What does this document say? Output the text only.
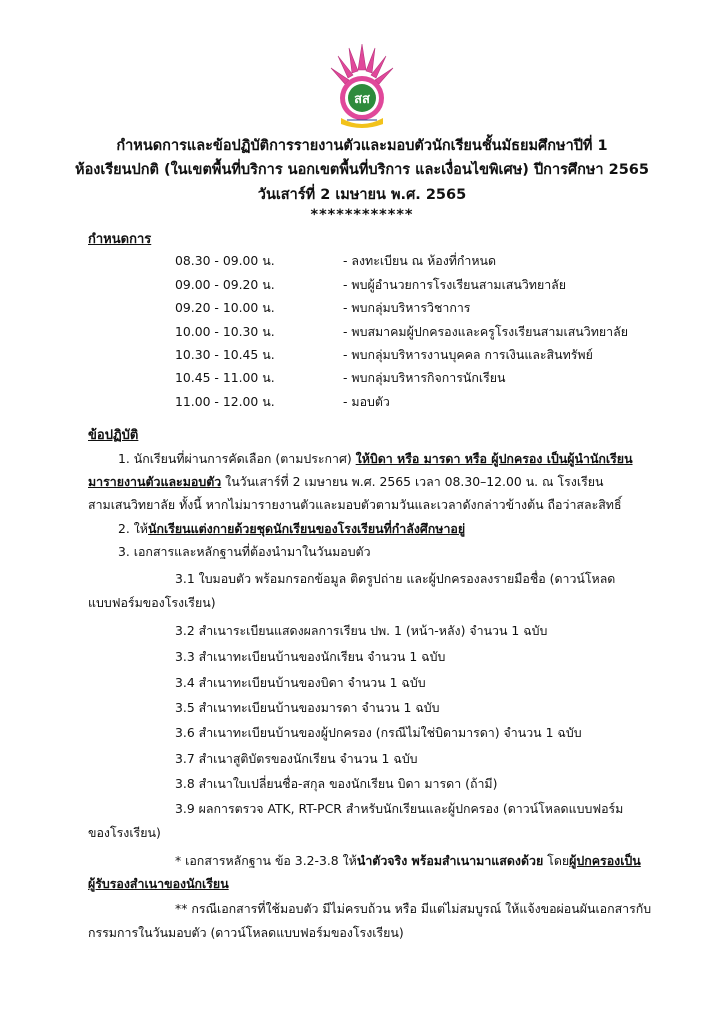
สส
กำหนดการและข้อปฏิบัติการรายงานตัวและมอบตัวนักเรียนชั้นมัธยมศึกษาปีที่ 1
ห้องเรียนปกติ (ในเขตพื้นที่บริการ นอกเขตพื้นที่บริการ และเงื่อนไขพิเศษ) ปีการศึกษา 2565
วันเสาร์ที่ 2 เมษายน พ.ศ. 2565
************
กำหนดการ
08.30 - 09.00 น.	- ลงทะเบียน ณ ห้องที่กำหนด
09.00 - 09.20 น.	- พบผู้อำนวยการโรงเรียนสามเสนวิทยาลัย
09.20 - 10.00 น.	- พบกลุ่มบริหารวิชาการ
10.00 - 10.30 น.	- พบสมาคมผู้ปกครองและครูโรงเรียนสามเสนวิทยาลัย
10.30 - 10.45 น.	- พบกลุ่มบริหารงานบุคคล การเงินและสินทรัพย์
10.45 - 11.00 น.	- พบกลุ่มบริหารกิจการนักเรียน
11.00 - 12.00 น.	- มอบตัว
ข้อปฏิบัติ
1. นักเรียนที่ผ่านการคัดเลือก (ตามประกาศ) ให้บิดา หรือ มารดา หรือ ผู้ปกครอง เป็นผู้นำนักเรียน
มารายงานตัวและมอบตัว ในวันเสาร์ที่ 2 เมษายน พ.ศ. 2565 เวลา 08.30–12.00 น. ณ โรงเรียน
สามเสนวิทยาลัย ทั้งนี้ หากไม่มารายงานตัวและมอบตัวตามวันและเวลาดังกล่าวข้างต้น ถือว่าสละสิทธิ์
2. ให้นักเรียนแต่งกายด้วยชุดนักเรียนของโรงเรียนที่กำลังศึกษาอยู่
3. เอกสารและหลักฐานที่ต้องนำมาในวันมอบตัว
3.1 ใบมอบตัว พร้อมกรอกข้อมูล ติดรูปถ่าย และผู้ปกครองลงรายมือชื่อ (ดาวน์โหลด
แบบฟอร์มของโรงเรียน)
3.2 สำเนาระเบียนแสดงผลการเรียน ปพ. 1 (หน้า-หลัง) จำนวน 1 ฉบับ
3.3 สำเนาทะเบียนบ้านของนักเรียน จำนวน 1 ฉบับ
3.4 สำเนาทะเบียนบ้านของบิดา จำนวน 1 ฉบับ
3.5 สำเนาทะเบียนบ้านของมารดา จำนวน 1 ฉบับ
3.6 สำเนาทะเบียนบ้านของผู้ปกครอง (กรณีไม่ใช่บิดามารดา) จำนวน 1 ฉบับ
3.7 สำเนาสูติบัตรของนักเรียน จำนวน 1 ฉบับ
3.8 สำเนาใบเปลี่ยนชื่อ-สกุล ของนักเรียน บิดา มารดา (ถ้ามี)
3.9 ผลการตรวจ ATK, RT-PCR สำหรับนักเรียนและผู้ปกครอง (ดาวน์โหลดแบบฟอร์ม
ของโรงเรียน)
* เอกสารหลักฐาน ข้อ 3.2-3.8 ให้นำตัวจริง พร้อมสำเนามาแสดงด้วย โดยผู้ปกครองเป็น
ผู้รับรองสำเนาของนักเรียน
** กรณีเอกสารที่ใช้มอบตัว มีไม่ครบถ้วน หรือ มีแต่ไม่สมบูรณ์ ให้แจ้งขอผ่อนผันเอกสารกับ
กรรมการในวันมอบตัว (ดาวน์โหลดแบบฟอร์มของโรงเรียน)
